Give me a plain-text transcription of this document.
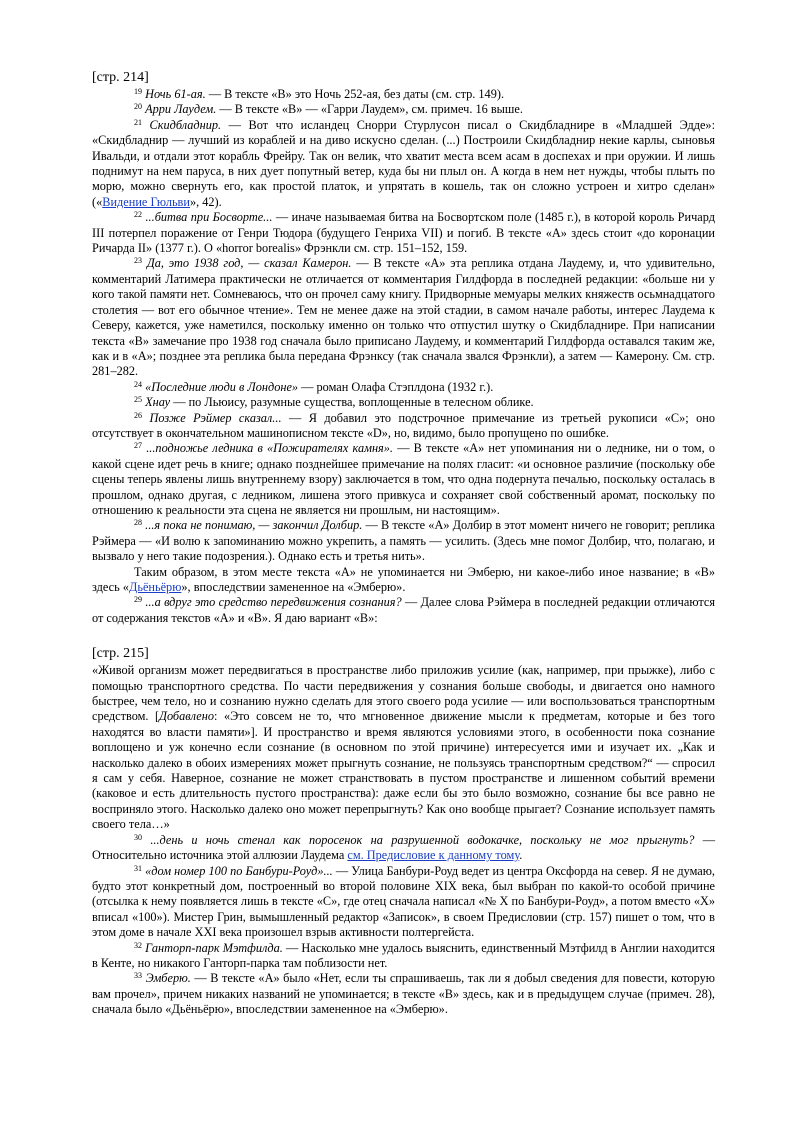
[стр. 214]

$^{19}$ Ночь 61-ая. — В тексте «В» это Ночь 252-ая, без даты (см. стр. 149).

$^{20}$ Арри Лаудем. — В тексте «В» — «Гарри Лаудем», см. примеч. 16 выше.

$^{21}$ Скидбладнир. — Вот что исландец Снорри Стурлусон писал о Скидбладнире в «Младшей Эдде»: «Скидбладнир — лучший из кораблей и на диво искусно сделан. (...) Построили Скидбладнир некие карлы, сыновья Ивальди, и отдали этот корабль Фрейру. Так он велик, что хватит места всем асам в доспехах и при оружии. И лишь поднимут на нем паруса, в них дует попутный ветер, куда бы ни плыл он. А когда в нем нет нужды, чтобы плыть по морю, можно свернуть его, как простой платок, и упрятать в кошель, так он сложно устроен и хитро сделан» («Видение Гюльви», 42).

$^{22}$ ...битва при Босворте... — иначе называемая битва на Босвортском поле (1485 г.), в которой король Ричард III потерпел поражение от Генри Тюдора (будущего Генриха VII) и погиб. В тексте «А» здесь стоит «до коронации Ричарда II» (1377 г.). О «horror borealis» Фрэнкли см. стр. 151–152, 159.

$^{23}$ Да, это 1938 год, — сказал Камерон. — В тексте «А» эта реплика отдана Лаудему, и, что удивительно, комментарий Латимера практически не отличается от комментария Гилдфорда в последней редакции: «больше ни у кого такой памяти нет. Сомневаюсь, что он прочел саму книгу. Придворные мемуары мелких княжеств осьмнадцатого столетия — вот его обычное чтение». Тем не менее даже на этой стадии, в самом начале работы, интерес Лаудема к Северу, кажется, уже наметился, поскольку именно он только что отпустил шутку о Скидбладнире. При написании текста «В» замечание про 1938 год сначала было приписано Лаудему, и комментарий Гилдфорда оставался таким же, как и в «А»; позднее эта реплика была передана Фрэнксу (так сначала звался Фрэнкли), а затем — Камерону. См. стр. 281–282.

$^{24}$ «Последние люди в Лондоне» — роман Олафа Стэплдона (1932 г.).

$^{25}$ Хнау — по Льюису, разумные существа, воплощенные в телесном облике.

$^{26}$ Позже Рэймер сказал... — Я добавил это подстрочное примечание из третьей рукописи «С»; оно отсутствует в окончательном машинописном тексте «D», но, видимо, было пропущено по ошибке.

$^{27}$ ...подножье ледника в «Пожирателях камня». — В тексте «А» нет упоминания ни о леднике, ни о том, о какой сцене идет речь в книге; однако позднейшее примечание на полях гласит: «и основное различие (поскольку обе сцены теперь явлены лишь внутреннему взору) заключается в том, что одна подернута печалью, поскольку осталась в прошлом, однако другая, с ледником, лишена этого привкуса и сохраняет свой собственный аромат, поскольку по отношению к реальности эта сцена не является ни прошлым, ни настоящим».

$^{28}$ ...я пока не понимаю, — закончил Долбир. — В тексте «А» Долбир в этот момент ничего не говорит; реплика Рэймера — «И волю к запоминанию можно укрепить, а память — усилить. (Здесь мне помог Долбир, что, полагаю, и вызвало у него такие подозрения.). Однако есть и третья нить».

Таким образом, в этом месте текста «А» не упоминается ни Эмберю, ни какое-либо иное название; в «В» здесь «Дьёньёрю», впоследствии замененное на «Эмберю».

$^{29}$ ...а вдруг это средство передвижения сознания? — Далее слова Рэймера в последней редакции отличаются от содержания текстов «А» и «В». Я даю вариант «В»:

[стр. 215]

«Живой организм может передвигаться в пространстве либо приложив усилие (как, например, при прыжке), либо с помощью транспортного средства. По части передвижения у сознания больше свободы, и двигается оно намного быстрее, чем тело, но и сознанию нужно сделать для этого своего рода усилие — или воспользоваться транспортным средством. [Добавлено: «Это совсем не то, что мгновенное движение мысли к предметам, которые и без того находятся во власти памяти»]. И пространство и время являются условиями этого, в особенности пока сознание воплощено и уж конечно если сознание (в основном по этой причине) интересуется ими и изучает их. „Как и насколько далеко в обоих измерениях может прыгнуть сознание, не пользуясь транспортным средством?“ — спросил я сам у себя. Наверное, сознание не может странствовать в пустом пространстве и лишенном событий времени (каковое и есть длительность пустого пространства): даже если бы это было возможно, сознание бы все равно не восприняло этого. Насколько далеко оно может перепрыгнуть? Как оно вообще прыгает? Сознание использует память своего тела…»

$^{30}$ ...день и ночь стенал как поросенок на разрушенной водокачке, поскольку не мог прыгнуть? — Относительно источника этой аллюзии Лаудема см. Предисловие к данному тому.

$^{31}$ «дом номер 100 по Банбури-Роуд»... — Улица Банбури-Роуд ведет из центра Оксфорда на север. Я не думаю, будто этот конкретный дом, построенный во второй половине XIX века, был выбран по какой-то особой причине (отсылка к нему появляется лишь в тексте «С», где отец сначала написал «№ X по Банбури-Роуд», а потом вместо «X» вписал «100»). Мистер Грин, вымышленный редактор «Записок», в своем Предисловии (стр. 157) пишет о том, что в этом доме в начале XXI века произошел взрыв активности полтергейста.

$^{32}$ Ганторп-парк Мэтфилда. — Насколько мне удалось выяснить, единственный Мэтфилд в Англии находится в Кенте, но никакого Ганторп-парка там поблизости нет.

$^{33}$ Эмберю. — В тексте «А» было «Нет, если ты спрашиваешь, так ли я добыл сведения для повести, которую вам прочел», причем никаких названий не упоминается; в тексте «В» здесь, как и в предыдущем случае (примеч. 28), сначала было «Дьёньёрю», впоследствии замененное на «Эмберю».
